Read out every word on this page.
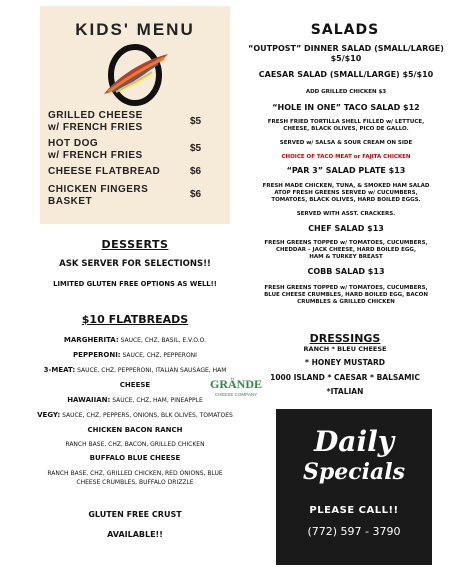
KIDS' MENU
GRILLED CHEESE
w/ FRENCH FRIES
$5
HOT DOG
w/ FRENCH FRIES
$5
CHEESE FLATBREAD	$6
CHICKEN FINGERS
BASKET
$6
DESSERTS
ASK SERVER FOR SELECTIONS!!
LIMITED GLUTEN FREE OPTIONS AS WELL!!
$10 FLATBREADS
MARGHERITA: SAUCE, CHZ, BASIL, E.V.O.O.
PEPPERONI: SAUCE, CHZ, PEPPERONI
3-MEAT: SAUCE, CHZ, PEPPERONI, ITALIAN SAUSAGE, HAM
CHEESE
HAWAIIAN: SAUCE, CHZ, HAM, PINEAPPLE
VEGY: SAUCE, CHZ, PEPPERS, ONIONS, BLK OLIVES, TOMATOES
CHICKEN BACON RANCH
RANCH BASE, CHZ, BACON, GRILLED CHICKEN
BUFFALO BLUE CHEESE
RANCH BASE, CHZ, GRILLED CHICKEN, RED ONIONS, BLUE
CHEESE CRUMBLES, BUFFALO DRIZZLE
GRÄNDE
CHEESE COMPANY
GLUTEN FREE CRUST
AVAILABLE!!
SALADS
“OUTPOST” DINNER SALAD (SMALL/LARGE)
$5/$10
CAESAR SALAD (SMALL/LARGE) $5/$10
ADD GRILLED CHICKEN $3
“HOLE IN ONE” TACO SALAD $12
FRESH FRIED TORTILLA SHELL FILLED w/ LETTUCE,
CHEESE, BLACK OLIVES, PICO DE GALLO.
SERVED w/ SALSA & SOUR CREAM ON SIDE
CHOICE OF TACO MEAT or FAJITA CHICKEN
“PAR 3” SALAD PLATE $13
FRESH MADE CHICKEN, TUNA, & SMOKED HAM SALAD
ATOP FRESH GREENS SERVED w/ CUCUMBERS,
TOMATOES, BLACK OLIVES, HARD BOILED EGGS.
SERVED WITH ASST. CRACKERS.
CHEF SALAD $13
FRESH GREENS TOPPED w/ TOMATOES, CUCUMBERS,
CHEDDAR – JACK CHEESE, HARD BOILED EGG,
HAM & TURKEY BREAST
COBB SALAD $13
FRESH GREENS TOPPED w/ TOMATOES, CUCUMBERS,
BLUE CHEESE CRUMBLES, HARD BOILED EGG, BACON
CRUMBLES & GRILLED CHICKEN
DRESSINGS
RANCH * BLEU CHEESE
* HONEY MUSTARD
1000 ISLAND * CAESAR * BALSAMIC
*ITALIAN
Daily
Specials
PLEASE CALL!!
(772) 597 - 3790
